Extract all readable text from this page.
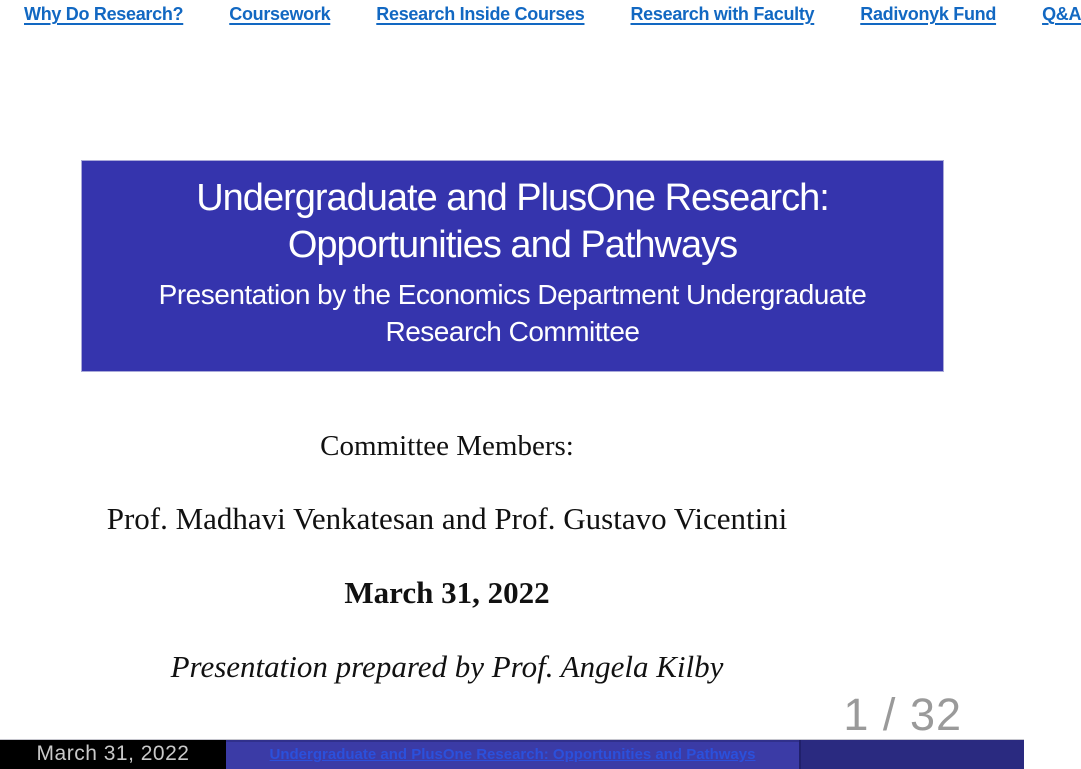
Why Do Research?	Coursework	Research Inside Courses	Research with Faculty	Radivonyk Fund	Q&A
Undergraduate and PlusOne Research:
Opportunities and Pathways
Presentation by the Economics Department Undergraduate
Research Committee
Committee Members:
Prof. Madhavi Venkatesan and Prof. Gustavo Vicentini
March 31, 2022
Presentation prepared by Prof. Angela Kilby
1 / 32
March 31, 2022	Undergraduate and PlusOne Research: Opportunities and Pathways
